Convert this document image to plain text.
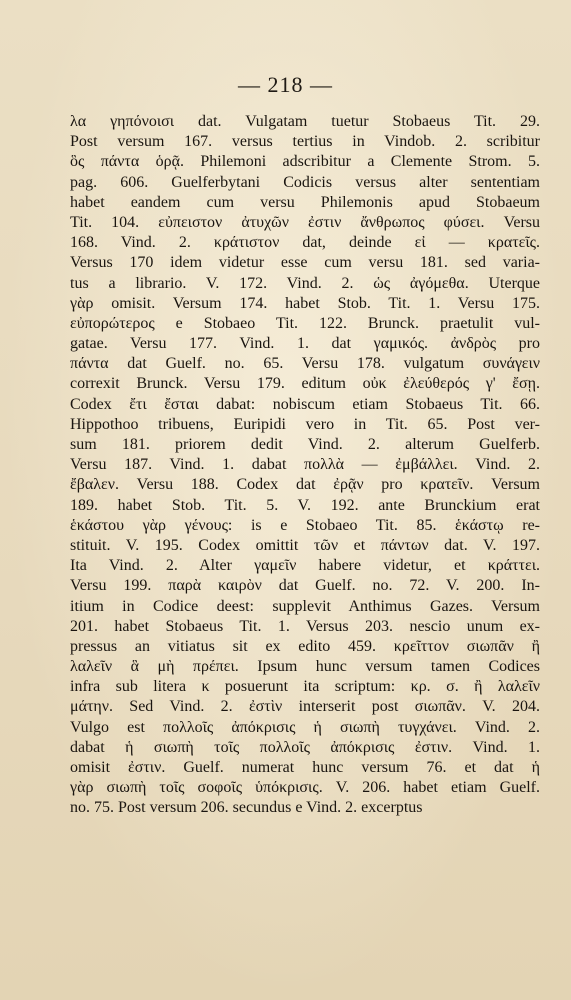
— 218 —
λα γηπόνοισι dat. Vulgatam tuetur Stobaeus Tit. 29.
Post versum 167. versus tertius in Vindob. 2. scribitur
ὃς πάντα ὁρᾷ. Philemoni adscribitur a Clemente Strom. 5.
pag. 606. Guelferbytani Codicis versus alter sententiam
habet eandem cum versu Philemonis apud Stobaeum
Tit. 104. εὐπειστον ἀτυχῶν ἐστιν ἄνθρωπος φύσει. Versu
168. Vind. 2. κράτιστον dat, deinde εἰ — κρατεῖς.
Versus 170 idem videtur esse cum versu 181. sed varia-
tus a librario. V. 172. Vind. 2. ὡς ἀγόμεθα. Uterque
γὰρ omisit. Versum 174. habet Stob. Tit. 1. Versu 175.
εὐπορώτερος e Stobaeo Tit. 122. Brunck. praetulit vul-
gatae. Versu 177. Vind. 1. dat γαμικός. ἀνδρὸς pro
πάντα dat Guelf. no. 65. Versu 178. vulgatum συνάγειν
correxit Brunck. Versu 179. editum οὐκ ἐλεύθερός γ' ἔσῃ.
Codex ἔτι ἔσται dabat: nobiscum etiam Stobaeus Tit. 66.
Hippothoo tribuens, Euripidi vero in Tit. 65. Post ver-
sum 181. priorem dedit Vind. 2. alterum Guelferb.
Versu 187. Vind. 1. dabat πολλὰ — ἐμβάλλει. Vind. 2.
ἔβαλεν. Versu 188. Codex dat ἐρᾷν pro κρατεῖν. Versum
189. habet Stob. Tit. 5. V. 192. ante Brunckium erat
ἑκάστου γὰρ γένους: is e Stobaeo Tit. 85. ἑκάστῳ re-
stituit. V. 195. Codex omittit τῶν et πάντων dat. V. 197.
Ita Vind. 2. Alter γαμεῖν habere videtur, et κράττει.
Versu 199. παρὰ καιρὸν dat Guelf. no. 72. V. 200. In-
itium in Codice deest: supplevit Anthimus Gazes. Versum
201. habet Stobaeus Tit. 1. Versus 203. nescio unum ex-
pressus an vitiatus sit ex edito 459. κρεῖττον σιωπᾶν ἢ
λαλεῖν ἃ μὴ πρέπει. Ipsum hunc versum tamen Codices
infra sub litera κ posuerunt ita scriptum: κρ. σ. ἢ λαλεῖν
μάτην. Sed Vind. 2. ἐστὶν interserit post σιωπᾶν. V. 204.
Vulgo est πολλοῖς ἀπόκρισις ἡ σιωπὴ τυγχάνει. Vind. 2.
dabat ἡ σιωπὴ τοῖς πολλοῖς ἀπόκρισις ἐστιν. Vind. 1.
omisit ἐστιν. Guelf. numerat hunc versum 76. et dat ἡ
γὰρ σιωπὴ τοῖς σοφοῖς ὑπόκρισις. V. 206. habet etiam Guelf.
no. 75. Post versum 206. secundus e Vind. 2. excerptus
